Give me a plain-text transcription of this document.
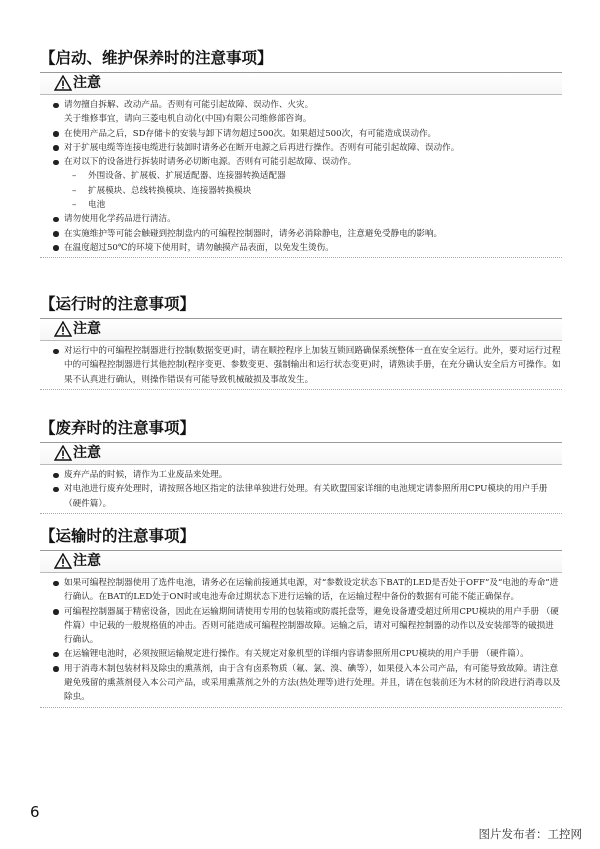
【启动、维护保养时的注意事项】
注意
请勿擅自拆解、改动产品。否则有可能引起故障、误动作、火灾。
关于维修事宜，请向三菱电机自动化(中国)有限公司维修部咨询。
在使用产品之后，SD存储卡的安装与卸下请勿超过500次。如果超过500次，有可能造成误动作。
对于扩展电缆等连接电缆进行装卸时请务必在断开电源之后再进行操作。否则有可能引起故障、误动作。
在对以下的设备进行拆装时请务必切断电源。否则有可能引起故障、误动作。
– 外围设备、扩展板、扩展适配器、连接器转换适配器
– 扩展模块、总线转换模块、连接器转换模块
– 电池
请勿使用化学药品进行清洁。
在实施维护等可能会触碰到控制盘内的可编程控制器时，请务必消除静电，注意避免受静电的影响。
在温度超过50℃的环境下使用时，请勿触摸产品表面，以免发生烫伤。
【运行时的注意事项】
注意
对运行中的可编程控制器进行控制(数据变更)时，请在顺控程序上加装互锁回路确保系统整体一直在安全运行。此外，要对运行过程中的可编程控制器进行其他控制(程序变更、参数变更、强制输出和运行状态变更)时，请熟读手册，在充分确认安全后方可操作。如果不认真进行确认，则操作错误有可能导致机械破损及事故发生。
【废弃时的注意事项】
注意
废弃产品的时候，请作为工业废品来处理。
对电池进行废弃处理时，请按照各地区指定的法律单独进行处理。有关欧盟国家详细的电池规定请参照所用CPU模块的用户手册 （硬件篇）。
【运输时的注意事项】
注意
如果可编程控制器使用了选件电池，请务必在运输前接通其电源，对“参数设定状态下BAT的LED是否处于OFF”及“电池的寿命”进行确认。在BAT的LED处于ON时或电池寿命过期状态下进行运输的话，在运输过程中备份的数据有可能不能正确保存。
可编程控制器属于精密设备，因此在运输期间请使用专用的包装箱或防震托盘等，避免设备遭受超过所用CPU模块的用户手册 （硬件篇）中记载的一般规格值的冲击。否则可能造成可编程控制器故障。运输之后，请对可编程控制器的动作以及安装部等的破损进行确认。
在运输锂电池时，必须按照运输规定进行操作。有关规定对象机型的详细内容请参照所用CPU模块的用户手册 （硬件篇）。
用于消毒木制包装材料及除虫的熏蒸剂，由于含有卤系物质（氟、氯、溴、碘等），如果侵入本公司产品，有可能导致故障。请注意避免残留的熏蒸剂侵入本公司产品，或采用熏蒸剂之外的方法(热处理等)进行处理。并且，请在包装前还为木材的阶段进行消毒以及除虫。
6
图片发布者：工控网
